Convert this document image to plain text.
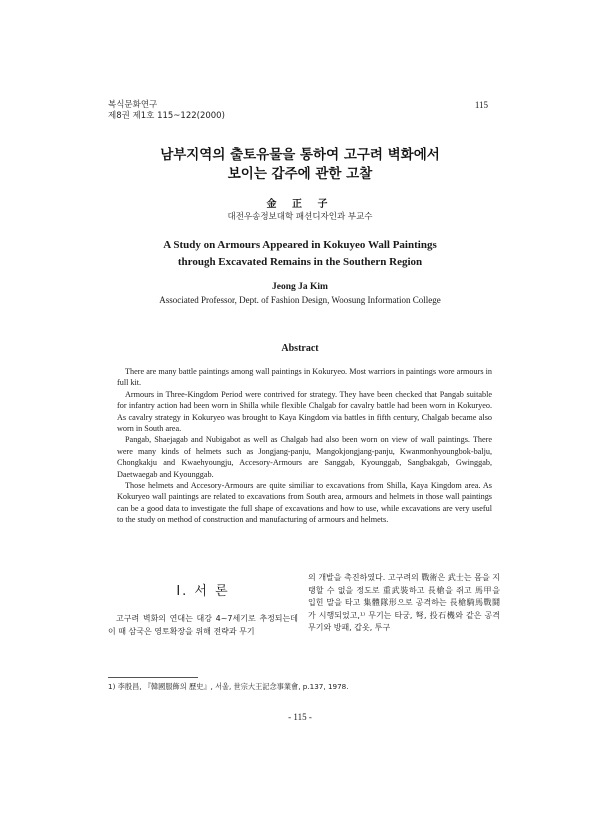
복식문화연구
제8권 제1호 115~122(2000)
115
남부지역의 출토유물을 통하여 고구려 벽화에서
보이는 갑주에 관한 고찰
金 正 子
대전우송정보대학 패션디자인과 부교수
A Study on Armours Appeared in Kokuyeo Wall Paintings
through Excavated Remains in the Southern Region
Jeong Ja Kim
Associated Professor, Dept. of Fashion Design, Woosung Information College
Abstract

There are many battle paintings among wall paintings in Kokuryeo. Most warriors in paintings wore armours in full kit.

Armours in Three-Kingdom Period were contrived for strategy. They have been checked that Pangab suitable for infantry action had been worn in Shilla while flexible Chalgab for cavalry battle had been worn in Kokuryeo. As cavalry strategy in Kokuryeo was brought to Kaya Kingdom via battles in fifth century, Chalgab became also worn in South area.

Pangab, Shaejagab and Nubigabot as well as Chalgab had also been worn on view of wall paintings. There were many kinds of helmets such as Jongjang-panju, Mangokjongjang-panju, Kwanmonhyoungbok-balju, Chongkakju and Kwaehyoungju, Accesory-Armours are Sanggab, Kyounggab, Sangbakgab, Gwinggab, Daetwaegab and Kyounggab.

Those helmets and Accesory-Armours are quite similiar to excavations from Shilla, Kaya Kingdom area. As Kokuryeo wall paintings are related to excavations from South area, armours and helmets in those wall paintings can be a good data to investigate the full shape of excavations and how to use, while excavations are very useful to the study on method of construction and manufacturing of armours and helmets.

Ⅰ. 서 론

고구려 벽화의 연대는 대강 4~7세기로 추정되는데 이 때 삼국은 영토확장을 위해 전략과 무기

의 개발을 촉진하였다. 고구려의 戰術은 武士는 몸을 지탱할 수 없을 정도로 重武裝하고 長槍을 쥐고 馬甲을 입힌 말을 타고 集體隊形으로 공격하는 長槍騎馬戰鬪가 시행되었고,¹⁾ 무기는 타궁, 弩, 投石機와 같은 공격무기와 방패, 갑옷, 투구

1) 李殷昌, 『韓國服飾의 歷史』, 서울, 世宗大王記念事業會, p.137, 1978.
- 115 -
